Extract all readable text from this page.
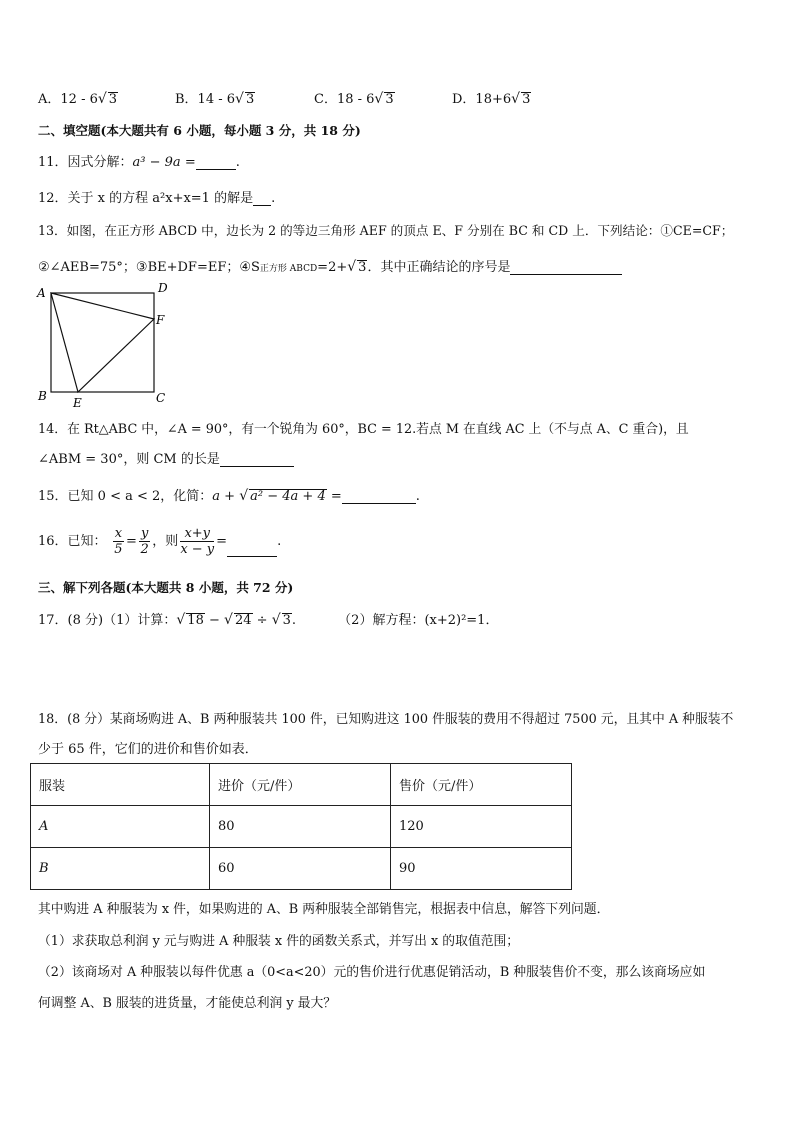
A．12 - 6√ 3	B．14 - 6√ 3	C．18 - 6√ 3	D．18+6√ 3
二、填空题(本大题共有 6 小题，每小题 3 分，共 18 分)
11．因式分解：a³ − 9a =	.
12．关于 x 的方程 a²x+x=1 的解是 .
13．如图，在正方形 ABCD 中，边长为 2 的等边三角形 AEF 的顶点 E、F 分别在 BC 和 CD 上．下列结论：①CE=CF；
②∠AEB=75°；③BE+DF=EF；④S正方形 ABCD=2+√ 3．其中正确结论的序号是
A	D
F
B	C
E
14．在 Rt△ABC 中，∠A = 90°，有一个锐角为 60°，BC = 12.若点 M 在直线 AC 上（不与点 A、C 重合)，且
∠ABM = 30°，则 CM 的长是
15．已知 0 < a < 2，化简：a + √ a² − 4a + 4 =	.
16．已知： $\frac{x}{5} = \frac{y}{2}$ ，则 $\frac{x+y}{x - y}$ =	.
三、解下列各题(本大题共 8 小题，共 72 分)
17．(8 分)（1）计算：√ 18 − √ 24 ÷ √ 3.	（2）解方程：(x+2)²=1．
18．(8 分）某商场购进 A、B 两种服装共 100 件，已知购进这 100 件服装的费用不得超过 7500 元，且其中 A 种服装不
少于 65 件，它们的进价和售价如表．
服装	进价（元/件）	售价（元/件）
A	80	120
B	60	90
其中购进 A 种服装为 x 件，如果购进的 A、B 两种服装全部销售完，根据表中信息，解答下列问题．
（1）求获取总利润 y 元与购进 A 种服装 x 件的函数关系式，并写出 x 的取值范围；
（2）该商场对 A 种服装以每件优惠 a（0<a<20）元的售价进行优惠促销活动，B 种服装售价不变，那么该商场应如
何调整 A、B 服装的进货量，才能使总利润 y 最大？
